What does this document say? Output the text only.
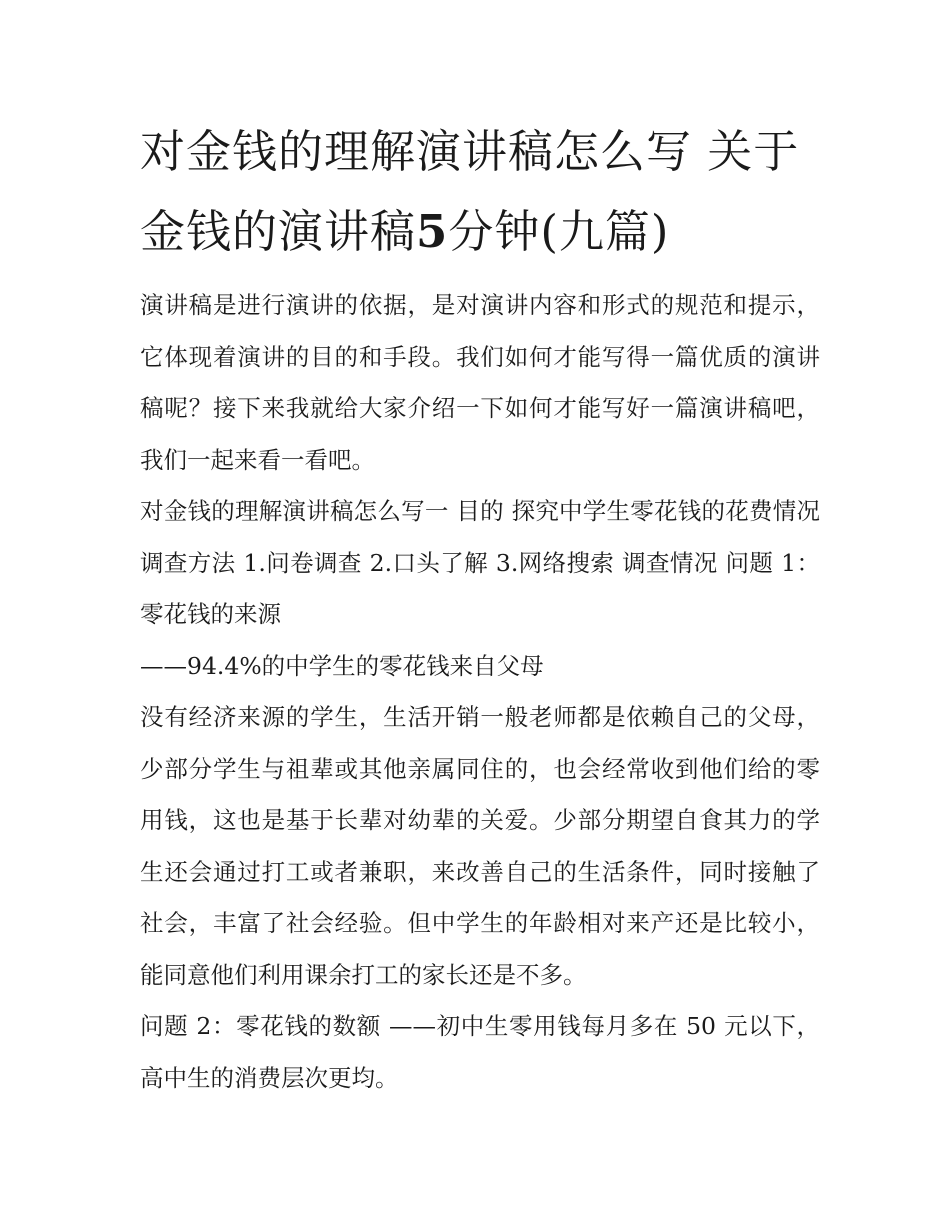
对金钱的理解演讲稿怎么写 关于金钱的演讲稿5分钟(九篇)

演讲稿是进行演讲的依据，是对演讲内容和形式的规范和提示，它体现着演讲的目的和手段。我们如何才能写得一篇优质的演讲稿呢？接下来我就给大家介绍一下如何才能写好一篇演讲稿吧，我们一起来看一看吧。

对金钱的理解演讲稿怎么写一 目的 探究中学生零花钱的花费情况 调查方法 1.问卷调查 2.口头了解 3.网络搜索 调查情况 问题 1：零花钱的来源

——94.4%的中学生的零花钱来自父母

没有经济来源的学生，生活开销一般老师都是依赖自己的父母，少部分学生与祖辈或其他亲属同住的，也会经常收到他们给的零用钱，这也是基于长辈对幼辈的关爱。少部分期望自食其力的学生还会通过打工或者兼职，来改善自己的生活条件，同时接触了社会，丰富了社会经验。但中学生的年龄相对来产还是比较小，能同意他们利用课余打工的家长还是不多。

问题 2：零花钱的数额 ——初中生零用钱每月多在 50 元以下，高中生的消费层次更均。
